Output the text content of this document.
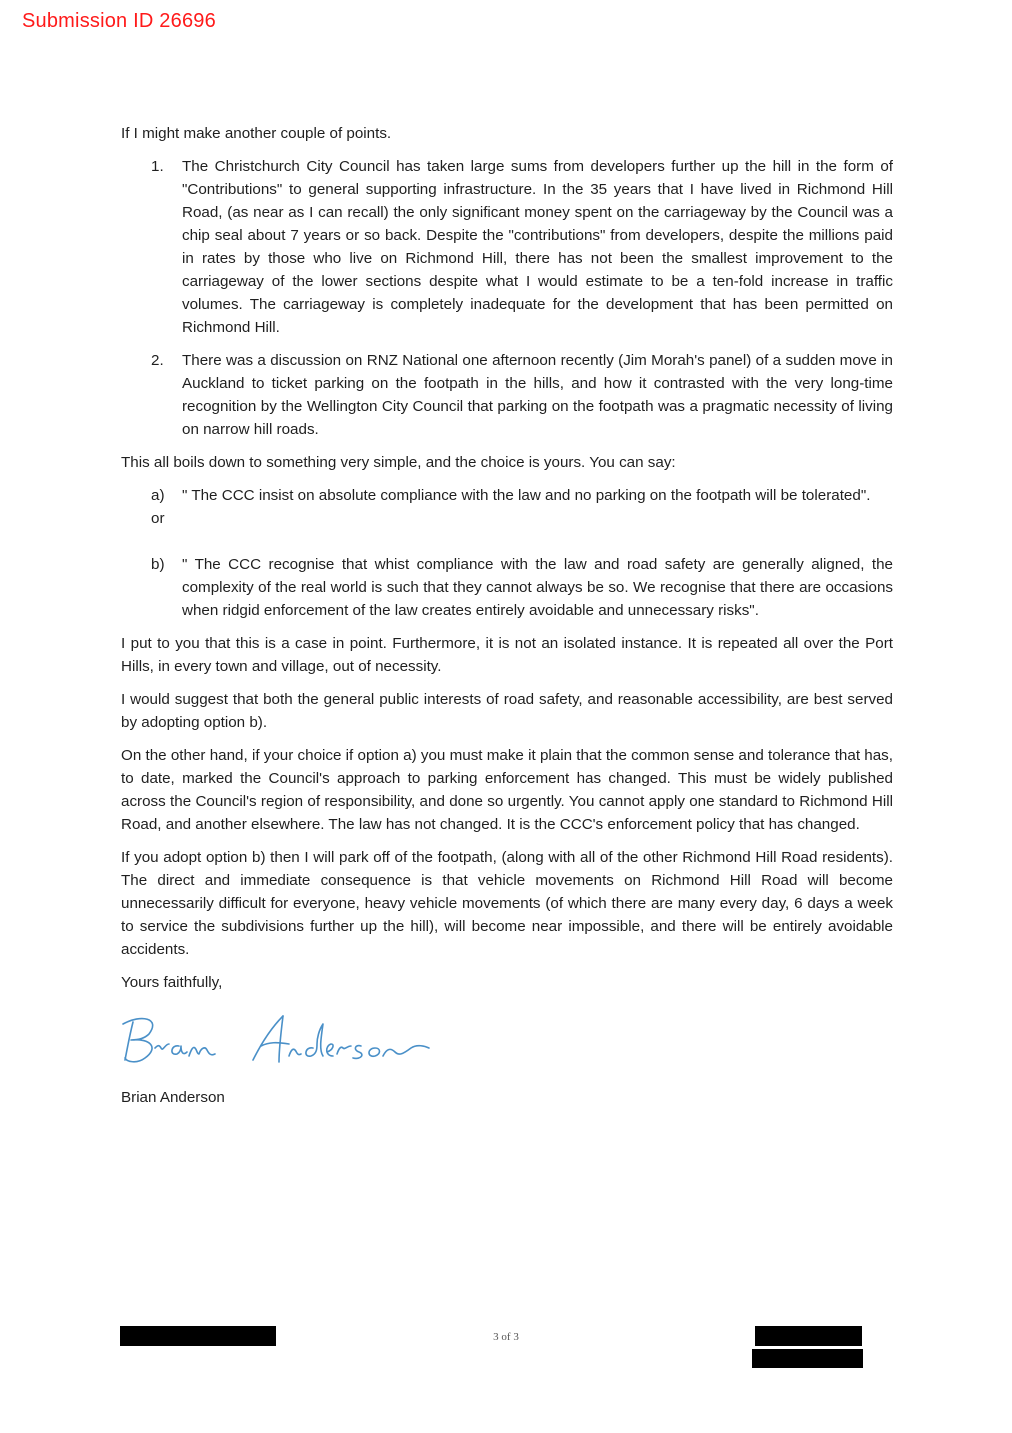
Submission ID 26696

If I might make another couple of points.

1. The Christchurch City Council has taken large sums from developers further up the hill in the form of "Contributions" to general supporting infrastructure. In the 35 years that I have lived in Richmond Hill Road, (as near as I can recall) the only significant money spent on the carriageway by the Council was a chip seal about 7 years or so back. Despite the "contributions" from developers, despite the millions paid in rates by those who live on Richmond Hill, there has not been the smallest improvement to the carriageway of the lower sections despite what I would estimate to be a ten-fold increase in traffic volumes. The carriageway is completely inadequate for the development that has been permitted on Richmond Hill.
2. There was a discussion on RNZ National one afternoon recently (Jim Morah's panel) of a sudden move in Auckland to ticket parking on the footpath in the hills, and how it contrasted with the very long-time recognition by the Wellington City Council that parking on the footpath was a pragmatic necessity of living on narrow hill roads.

This all boils down to something very simple, and the choice is yours. You can say:

a) " The CCC insist on absolute compliance with the law and no parking on the footpath will be tolerated".
or
b) " The CCC recognise that whist compliance with the law and road safety are generally aligned, the complexity of the real world is such that they cannot always be so. We recognise that there are occasions when ridgid enforcement of the law creates entirely avoidable and unnecessary risks".

I put to you that this is a case in point. Furthermore, it is not an isolated instance. It is repeated all over the Port Hills, in every town and village, out of necessity.

I would suggest that both the general public interests of road safety, and reasonable accessibility, are best served by adopting option b).

On the other hand, if your choice if option a) you must make it plain that the common sense and tolerance that has, to date, marked the Council's approach to parking enforcement has changed. This must be widely published across the Council's region of responsibility, and done so urgently. You cannot apply one standard to Richmond Hill Road, and another elsewhere. The law has not changed. It is the CCC's enforcement policy that has changed.

If you adopt option b) then I will park off of the footpath, (along with all of the other Richmond Hill Road residents). The direct and immediate consequence is that vehicle movements on Richmond Hill Road will become unnecessarily difficult for everyone, heavy vehicle movements (of which there are many every day, 6 days a week to service the subdivisions further up the hill), will become near impossible, and there will be entirely avoidable accidents.

Yours faithfully,

Brian Anderson
3 of 3
